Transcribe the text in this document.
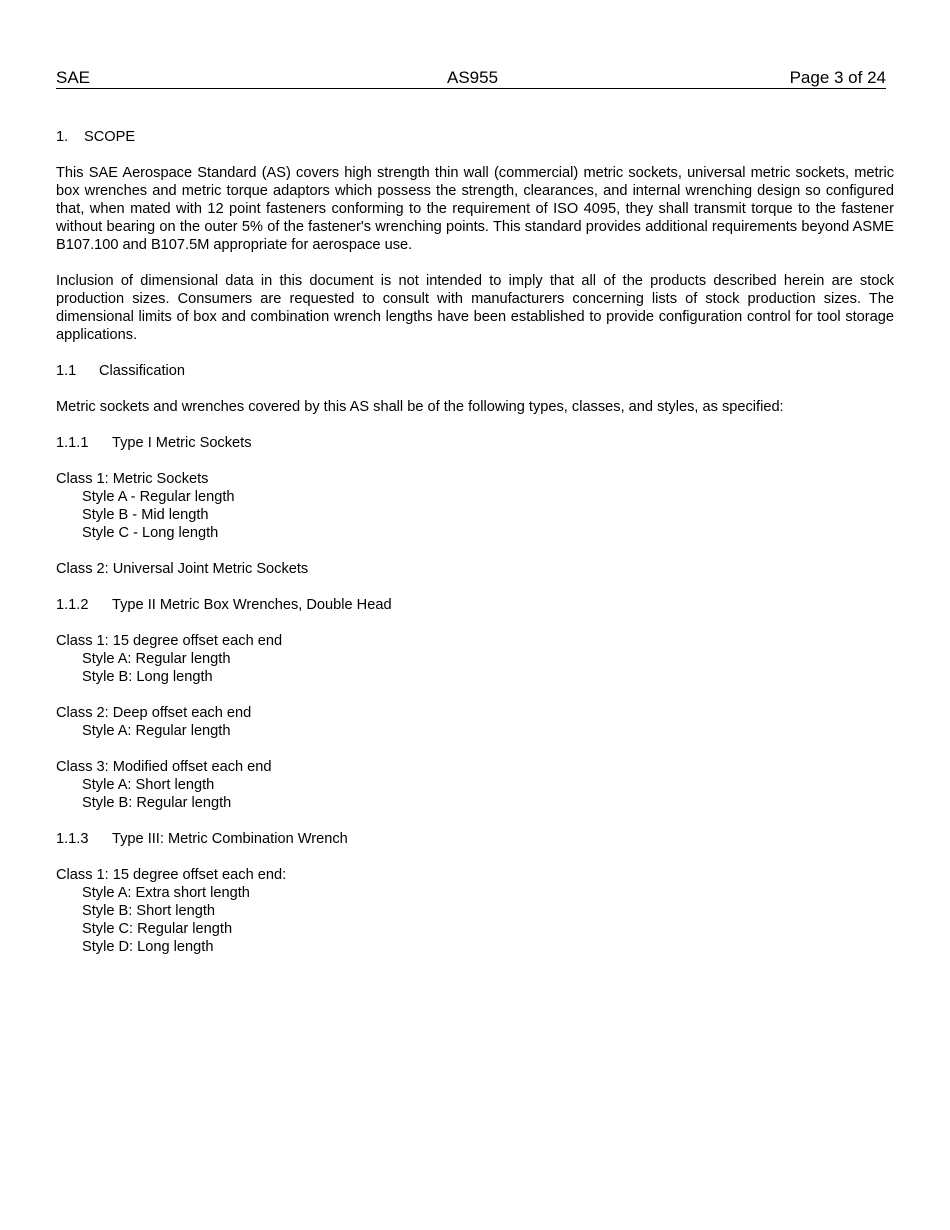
SAE	AS955	Page 3 of 24

1. SCOPE

This SAE Aerospace Standard (AS) covers high strength thin wall (commercial) metric sockets, universal metric sockets, metric box wrenches and metric torque adaptors which possess the strength, clearances, and internal wrenching design so configured that, when mated with 12 point fasteners conforming to the requirement of ISO 4095, they shall transmit torque to the fastener without bearing on the outer 5% of the fastener's wrenching points. This standard provides additional requirements beyond ASME B107.100 and B107.5M appropriate for aerospace use.

Inclusion of dimensional data in this document is not intended to imply that all of the products described herein are stock production sizes. Consumers are requested to consult with manufacturers concerning lists of stock production sizes. The dimensional limits of box and combination wrench lengths have been established to provide configuration control for tool storage applications.

1.1 Classification

Metric sockets and wrenches covered by this AS shall be of the following types, classes, and styles, as specified:

1.1.1 Type I Metric Sockets

Class 1: Metric Sockets

Style A - Regular length

Style B - Mid length

Style C - Long length

Class 2: Universal Joint Metric Sockets

1.1.2 Type II Metric Box Wrenches, Double Head

Class 1: 15 degree offset each end

Style A: Regular length

Style B: Long length

Class 2: Deep offset each end

Style A: Regular length

Class 3: Modified offset each end

Style A: Short length

Style B: Regular length

1.1.3 Type III: Metric Combination Wrench

Class 1: 15 degree offset each end:

Style A: Extra short length

Style B: Short length

Style C: Regular length

Style D: Long length
